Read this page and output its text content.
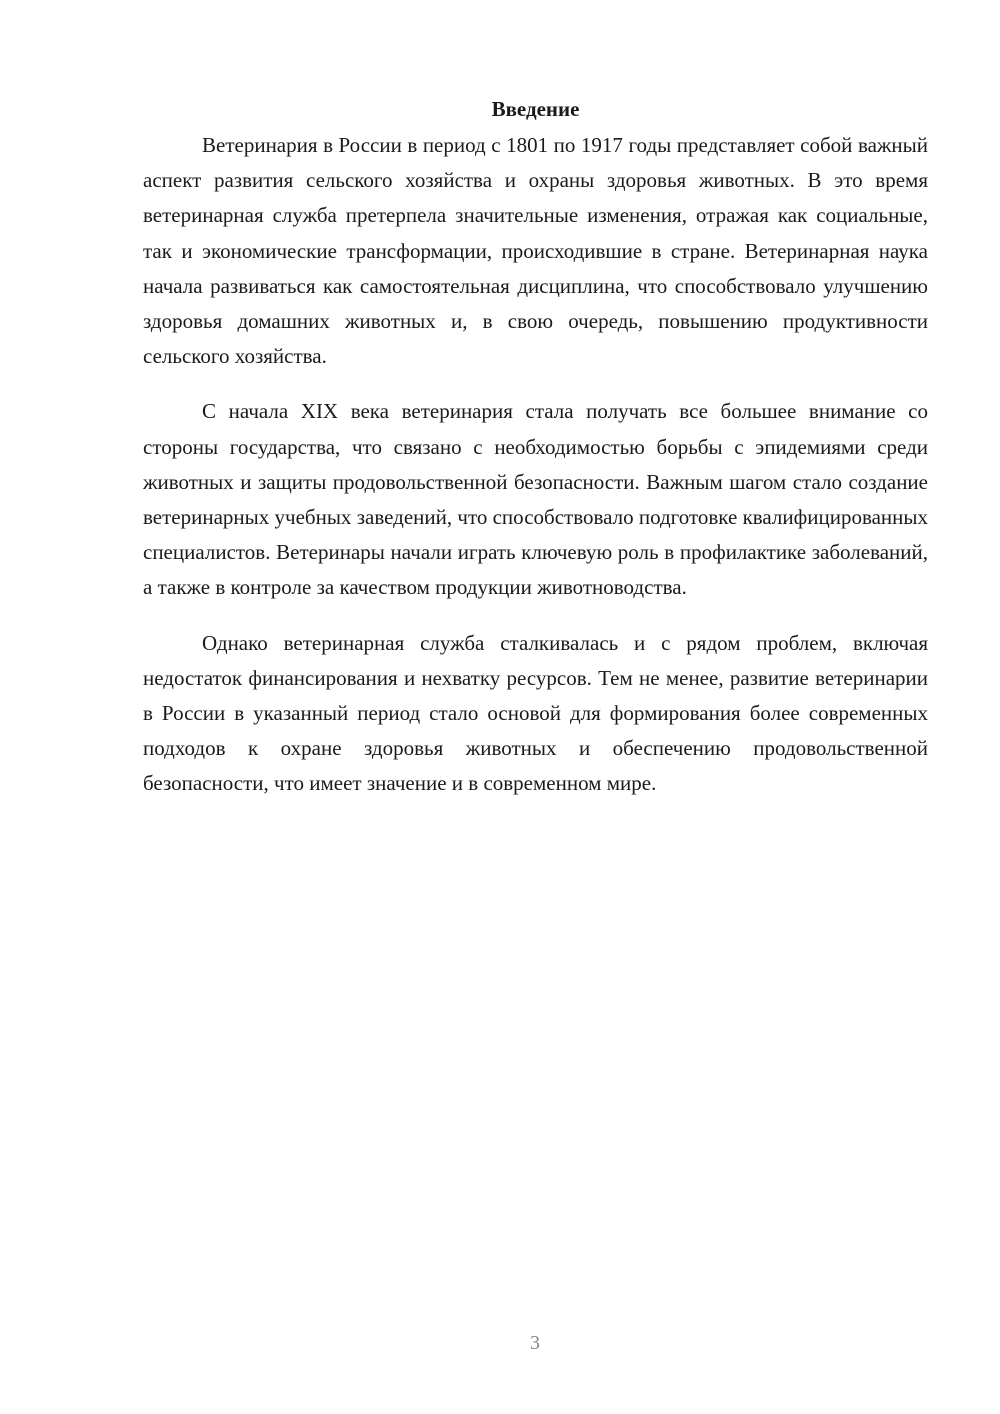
Введение

Ветеринария в России в период с 1801 по 1917 годы представляет собой важный аспект развития сельского хозяйства и охраны здоровья животных. В это время ветеринарная служба претерпела значительные изменения, отражая как социальные, так и экономические трансформации, происходившие в стране. Ветеринарная наука начала развиваться как самостоятельная дисциплина, что способствовало улучшению здоровья домашних животных и, в свою очередь, повышению продуктивности сельского хозяйства.

С начала XIX века ветеринария стала получать все большее внимание со стороны государства, что связано с необходимостью борьбы с эпидемиями среди животных и защиты продовольственной безопасности. Важным шагом стало создание ветеринарных учебных заведений, что способствовало подготовке квалифицированных специалистов. Ветеринары начали играть ключевую роль в профилактике заболеваний, а также в контроле за качеством продукции животноводства.

Однако ветеринарная служба сталкивалась и с рядом проблем, включая недостаток финансирования и нехватку ресурсов. Тем не менее, развитие ветеринарии в России в указанный период стало основой для формирования более современных подходов к охране здоровья животных и обеспечению продовольственной безопасности, что имеет значение и в современном мире.

3
